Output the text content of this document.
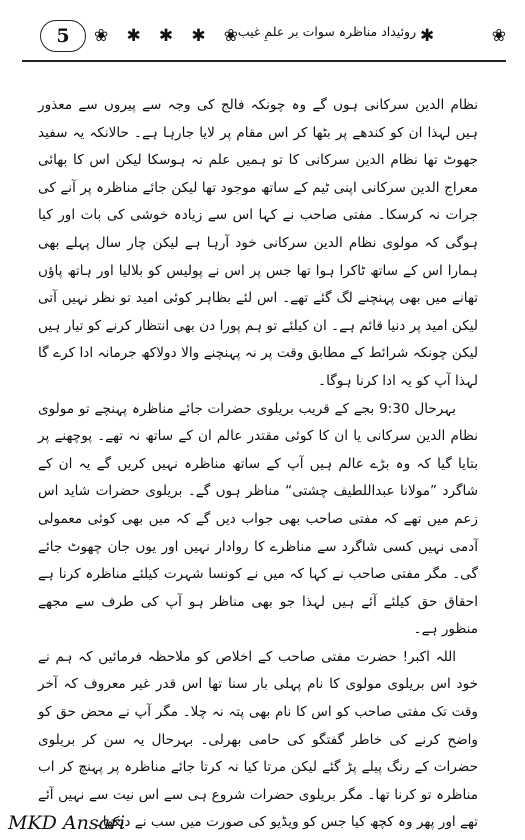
5	❀ ✱ ✱ ✱ ❀
روئیداد مناظرہ سوات بر علمِ غیب ✱	❀

نظام الدین سرکانی ہوں گے وہ چونکہ فالج کی وجہ سے پیروں سے معذور ہیں لہذا ان کو کندھے پر بٹھا کر اس مقام پر لایا جارہا ہے۔ حالانکہ یہ سفید جھوٹ تھا نظام الدین سرکانی کا تو ہمیں علم نہ ہوسکا لیکن اس کا بھائی معراج الدین سرکانی اپنی ٹیم کے ساتھ موجود تھا لیکن جائے مناظرہ پر آنے کی جرات نہ کرسکا۔ مفتی صاحب نے کہا اس سے زیادہ خوشی کی بات اور کیا ہوگی کہ مولوی نظام الدین سرکانی خود آرہا ہے لیکن چار سال پہلے بھی ہمارا اس کے ساتھ ٹاکرا ہوا تھا جس پر اس نے پولیس کو بلالیا اور ہاتھ پاؤں تھانے میں بھی پہنچنے لگ گئے تھے۔ اس لئے بظاہر کوئی امید تو نظر نہیں آتی لیکن امید پر دنیا قائم ہے۔ ان کیلئے تو ہم پورا دن بھی انتظار کرنے کو تیار ہیں لیکن چونکہ شرائط کے مطابق وقت پر نہ پہنچنے والا دولاکھ جرمانہ ادا کرے گا لہذا آپ کو یہ ادا کرنا ہوگا۔

بہرحال 9:30 بجے کے قریب بریلوی حضرات جائے مناظرہ پہنچے تو مولوی نظام الدین سرکانی یا ان کا کوئی مقتدر عالم ان کے ساتھ نہ تھے۔ پوچھنے پر بتایا گیا کہ وہ بڑے عالم ہیں آپ کے ساتھ مناظرہ نہیں کریں گے یہ ان کے شاگرد ”مولانا عبداللطیف چشتی“ مناظر ہوں گے۔ بریلوی حضرات شاید اس زعم میں تھے کہ مفتی صاحب بھی جواب دیں گے کہ میں بھی کوئی معمولی آدمی نہیں کسی شاگرد سے مناظرے کا روادار نہیں اور یوں جان چھوٹ جائے گی۔ مگر مفتی صاحب نے کہا کہ میں نے کونسا شہرت کیلئے مناظرہ کرنا ہے احقاق حق کیلئے آئے ہیں لہذا جو بھی مناظر ہو آپ کی طرف سے مجھے منظور ہے۔

اللہ اکبر! حضرت مفتی صاحب کے اخلاص کو ملاحظہ فرمائیں کہ ہم نے خود اس بریلوی مولوی کا نام پہلی بار سنا تھا اس قدر غیر معروف کہ آخر وقت تک مفتی صاحب کو اس کا نام بھی پتہ نہ چلا۔ مگر آپ نے محض حق کو واضح کرنے کی خاطر گفتگو کی حامی بھرلی۔ بہرحال یہ سن کر بریلوی حضرات کے رنگ پیلے پڑ گئے لیکن مرتا کیا نہ کرتا جائے مناظرہ پر پہنچ کر اب مناظرہ تو کرنا تھا۔ مگر بریلوی حضرات شروع ہی سے اس نیت سے نہیں آئے تھے اور پھر وہ کچھ کیا جس کو ویڈیو کی صورت میں سب نے دیکھا۔

MKD Ansari
